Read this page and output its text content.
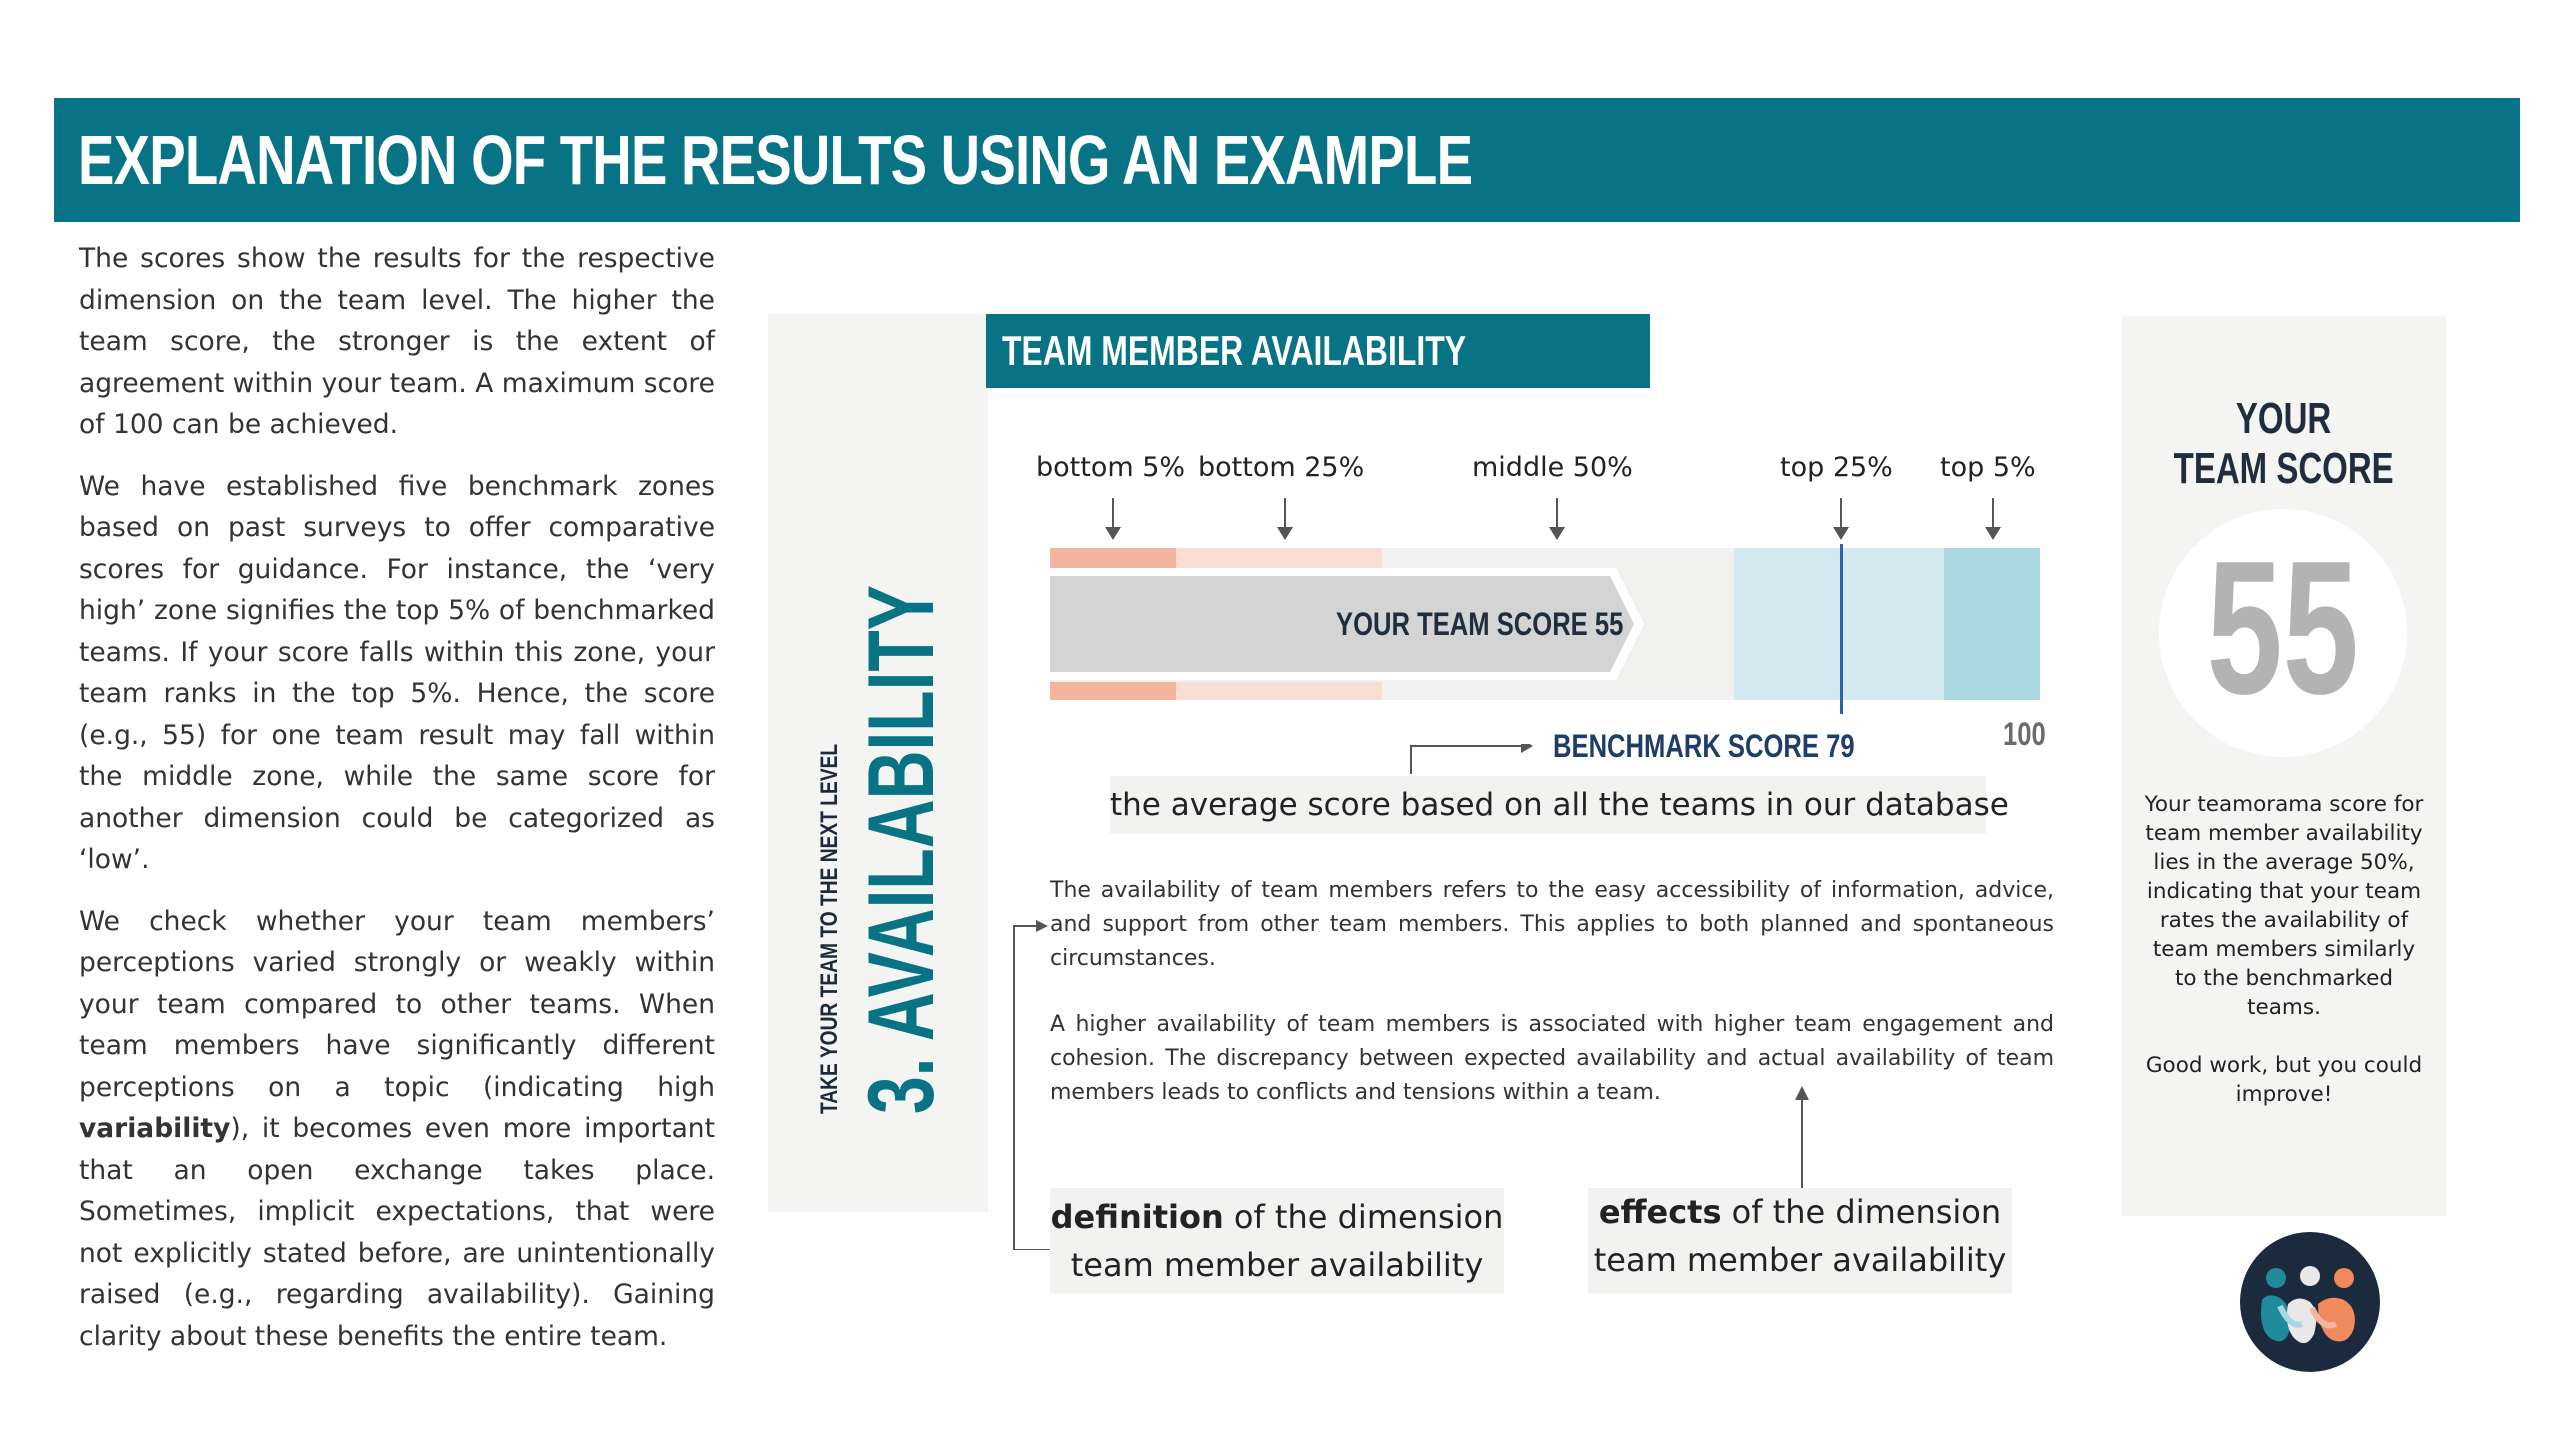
EXPLANATION OF THE RESULTS USING AN EXAMPLE

The scores show the results for the respective dimension on the team level. The higher the team score, the stronger is the extent of agreement within your team. A maximum score of 100 can be achieved.

We have established five benchmark zones based on past surveys to offer comparative scores for guidance. For instance, the ‘very high’ zone signifies the top 5% of benchmarked teams. If your score falls within this zone, your team ranks in the top 5%. Hence, the score (e.g., 55) for one team result may fall within the middle zone, while the same score for another dimension could be categorized as ‘low’.

We check whether your team members’ perceptions varied strongly or weakly within your team compared to other teams. When team members have significantly different perceptions on a topic (indicating high variability), it becomes even more important that an open exchange takes place. Sometimes, implicit expectations, that were not explicitly stated before, are unintentionally raised (e.g., regarding availability). Gaining clarity about these benefits the entire team.

TAKE YOUR TEAM TO THE NEXT LEVEL 3. AVAILABILITY
TEAM MEMBER AVAILABILITY
bottom 5% bottom 25%	middle 50%	top 25% top 5%
YOUR TEAM SCORE 55
100
BENCHMARK SCORE 79
the average score based on all the teams in our database
The availability of team members refers to the easy accessibility of information, advice, and support from other team members. This applies to both planned and spontaneous circumstances.
A higher availability of team members is associated with higher team engagement and cohesion. The discrepancy between expected availability and actual availability of team members leads to conflicts and tensions within a team.
definition of the dimension
team member availability
effects of the dimension
team member availability
YOUR
TEAM SCORE
55

Your teamorama score for team member availability lies in the average 50%, indicating that your team rates the availability of team members similarly to the benchmarked teams.

Good work, but you could improve!
